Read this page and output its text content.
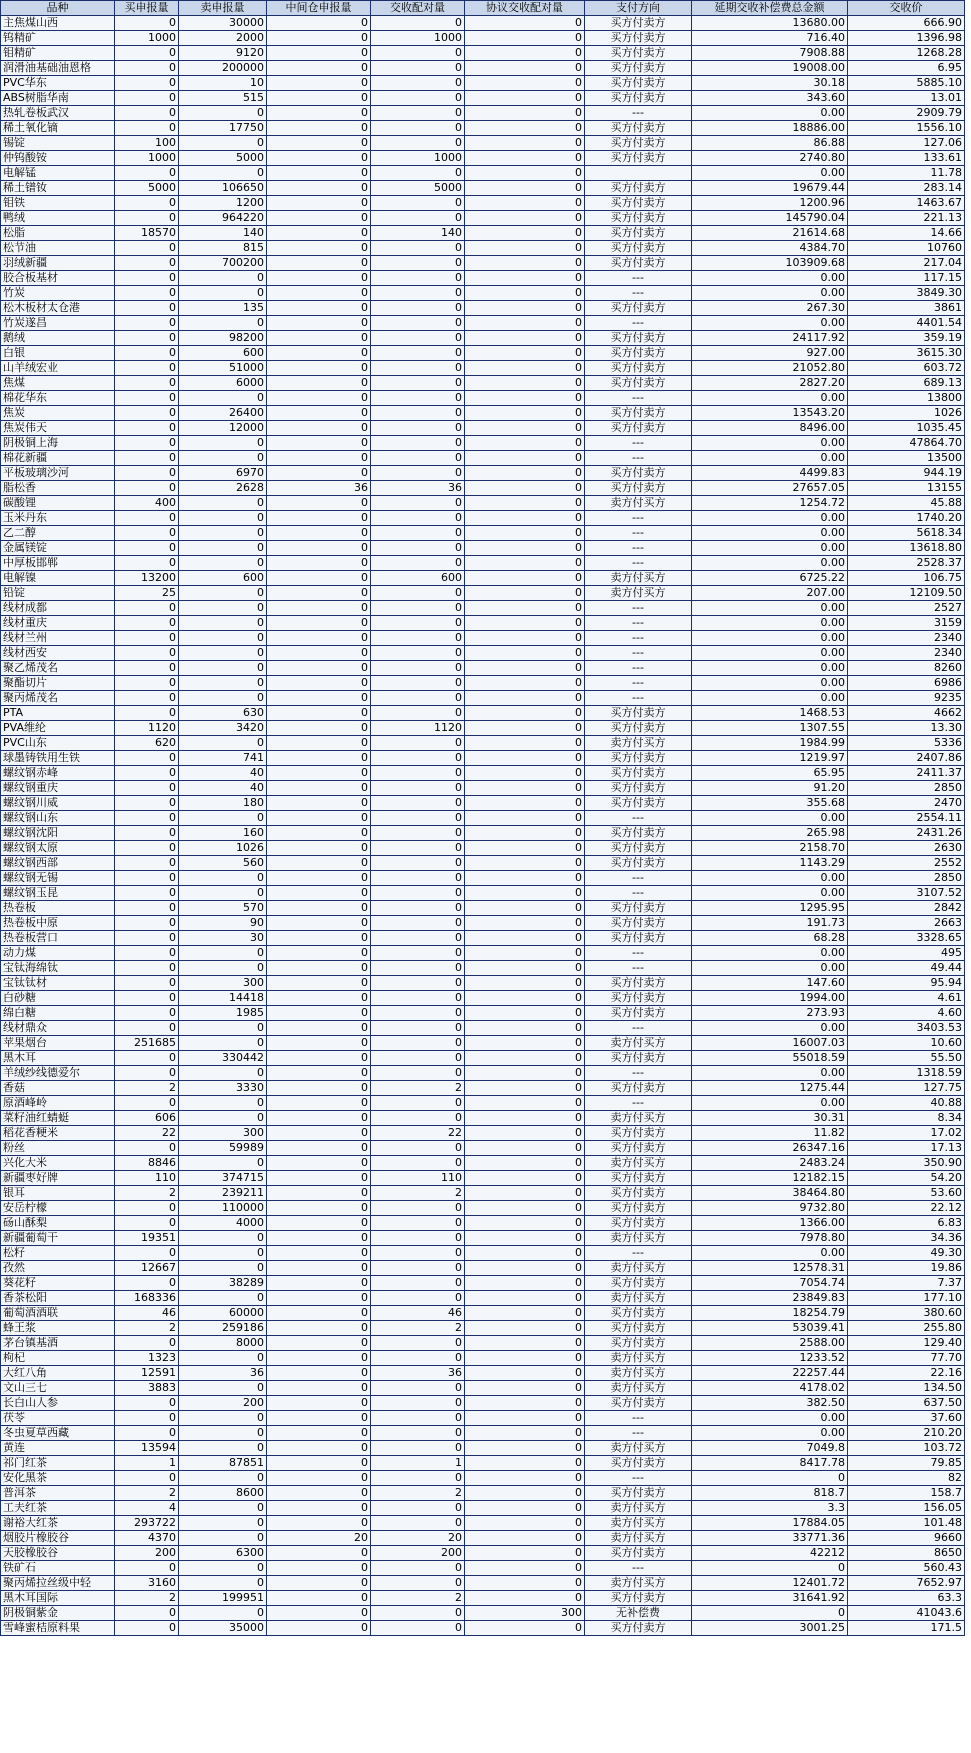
品种	买申报量	卖申报量	中间仓申报量	交收配对量	协议交收配对量	支付方向	延期交收补偿费总金额	交收价
主焦煤山西	0	30000	0	0	0	买方付卖方	13680.00	666.90
钨精矿	1000	2000	0	1000	0	买方付卖方	716.40	1396.98
钼精矿	0	9120	0	0	0	买方付卖方	7908.88	1268.28
润滑油基础油恩格	0	200000	0	0	0	买方付卖方	19008.00	6.95
PVC华东	0	10	0	0	0	买方付卖方	30.18	5885.10
ABS树脂华南	0	515	0	0	0	买方付卖方	343.60	13.01
热轧卷板武汉	0	0	0	0	0	---	0.00	2909.79
稀土氧化镝	0	17750	0	0	0	买方付卖方	18886.00	1556.10
锡锭	100	0	0	0	0	买方付卖方	86.88	127.06
仲钨酸铵	1000	5000	0	1000	0	买方付卖方	2740.80	133.61
电解锰	0	0	0	0	0		0.00	11.78
稀土镨钕	5000	106650	0	5000	0	买方付卖方	19679.44	283.14
钼铁	0	1200	0	0	0	买方付卖方	1200.96	1463.67
鸭绒	0	964220	0	0	0	买方付卖方	145790.04	221.13
松脂	18570	140	0	140	0	买方付卖方	21614.68	14.66
松节油	0	815	0	0	0	买方付卖方	4384.70	10760
羽绒新疆	0	700200	0	0	0	买方付卖方	103909.68	217.04
胶合板基材	0	0	0	0	0	---	0.00	117.15
竹炭	0	0	0	0	0	---	0.00	3849.30
松木板材太仓港	0	135	0	0	0	买方付卖方	267.30	3861
竹炭遂昌	0	0	0	0	0	---	0.00	4401.54
鹅绒	0	98200	0	0	0	买方付卖方	24117.92	359.19
白银	0	600	0	0	0	买方付卖方	927.00	3615.30
山羊绒宏业	0	51000	0	0	0	买方付卖方	21052.80	603.72
焦煤	0	6000	0	0	0	买方付卖方	2827.20	689.13
棉花华东	0	0	0	0	0	---	0.00	13800
焦炭	0	26400	0	0	0	买方付卖方	13543.20	1026
焦炭伟天	0	12000	0	0	0	买方付卖方	8496.00	1035.45
阴极铜上海	0	0	0	0	0	---	0.00	47864.70
棉花新疆	0	0	0	0	0	---	0.00	13500
平板玻璃沙河	0	6970	0	0	0	买方付卖方	4499.83	944.19
脂松香	0	2628	36	36	0	买方付卖方	27657.05	13155
碳酸锂	400	0	0	0	0	卖方付买方	1254.72	45.88
玉米丹东	0	0	0	0	0	---	0.00	1740.20
乙二醇	0	0	0	0	0	---	0.00	5618.34
金属镁锭	0	0	0	0	0	---	0.00	13618.80
中厚板邯郸	0	0	0	0	0	---	0.00	2528.37
电解镍	13200	600	0	600	0	卖方付买方	6725.22	106.75
铅锭	25	0	0	0	0	卖方付买方	207.00	12109.50
线材成都	0	0	0	0	0	---	0.00	2527
线材重庆	0	0	0	0	0	---	0.00	3159
线材兰州	0	0	0	0	0	---	0.00	2340
线材西安	0	0	0	0	0	---	0.00	2340
聚乙烯茂名	0	0	0	0	0	---	0.00	8260
聚酯切片	0	0	0	0	0	---	0.00	6986
聚丙烯茂名	0	0	0	0	0	---	0.00	9235
PTA	0	630	0	0	0	买方付卖方	1468.53	4662
PVA维纶	1120	3420	0	1120	0	买方付卖方	1307.55	13.30
PVC山东	620	0	0	0	0	卖方付买方	1984.99	5336
球墨铸铁用生铁	0	741	0	0	0	买方付卖方	1219.97	2407.86
螺纹钢赤峰	0	40	0	0	0	买方付卖方	65.95	2411.37
螺纹钢重庆	0	40	0	0	0	买方付卖方	91.20	2850
螺纹钢川威	0	180	0	0	0	买方付卖方	355.68	2470
螺纹钢山东	0	0	0	0	0	---	0.00	2554.11
螺纹钢沈阳	0	160	0	0	0	买方付卖方	265.98	2431.26
螺纹钢太原	0	1026	0	0	0	买方付卖方	2158.70	2630
螺纹钢西部	0	560	0	0	0	买方付卖方	1143.29	2552
螺纹钢无锡	0	0	0	0	0	---	0.00	2850
螺纹钢玉昆	0	0	0	0	0	---	0.00	3107.52
热卷板	0	570	0	0	0	买方付卖方	1295.95	2842
热卷板中原	0	90	0	0	0	买方付卖方	191.73	2663
热卷板营口	0	30	0	0	0	买方付卖方	68.28	3328.65
动力煤	0	0	0	0	0	---	0.00	495
宝钛海绵钛	0	0	0	0	0	---	0.00	49.44
宝钛钛材	0	300	0	0	0	买方付卖方	147.60	95.94
白砂糖	0	14418	0	0	0	买方付卖方	1994.00	4.61
绵白糖	0	1985	0	0	0	买方付卖方	273.93	4.60
线材鼎众	0	0	0	0	0	---	0.00	3403.53
苹果烟台	251685	0	0	0	0	卖方付买方	16007.03	10.60
黑木耳	0	330442	0	0	0	买方付卖方	55018.59	55.50
羊绒纱线德爱尔	0	0	0	0	0	---	0.00	1318.59
香菇	2	3330	0	2	0	买方付卖方	1275.44	127.75
原酒峰岭	0	0	0	0	0	---	0.00	40.88
菜籽油红蜻蜓	606	0	0	0	0	卖方付买方	30.31	8.34
稻花香粳米	22	300	0	22	0	买方付卖方	11.82	17.02
粉丝	0	59989	0	0	0	买方付卖方	26347.16	17.13
兴化大米	8846	0	0	0	0	卖方付买方	2483.24	350.90
新疆枣好牌	110	374715	0	110	0	买方付卖方	12182.15	54.20
银耳	2	239211	0	2	0	买方付卖方	38464.80	53.60
安岳柠檬	0	110000	0	0	0	买方付卖方	9732.80	22.12
砀山酥梨	0	4000	0	0	0	买方付卖方	1366.00	6.83
新疆葡萄干	19351	0	0	0	0	卖方付买方	7978.80	34.36
松籽	0	0	0	0	0	---	0.00	49.30
孜然	12667	0	0	0	0	卖方付买方	12578.31	19.86
葵花籽	0	38289	0	0	0	买方付卖方	7054.74	7.37
香茶松阳	168336	0	0	0	0	卖方付买方	23849.83	177.10
葡萄酒酒联	46	60000	0	46	0	买方付卖方	18254.79	380.60
蜂王浆	2	259186	0	2	0	买方付卖方	53039.41	255.80
茅台镇基酒	0	8000	0	0	0	买方付卖方	2588.00	129.40
枸杞	1323	0	0	0	0	卖方付买方	1233.52	77.70
大红八角	12591	36	0	36	0	卖方付买方	22257.44	22.16
文山三七	3883	0	0	0	0	卖方付买方	4178.02	134.50
长白山人参	0	200	0	0	0	买方付卖方	382.50	637.50
茯苓	0	0	0	0	0	---	0.00	37.60
冬虫夏草西藏	0	0	0	0	0	---	0.00	210.20
黄连	13594	0	0	0	0	卖方付买方	7049.8	103.72
祁门红茶	1	87851	0	1	0	买方付卖方	8417.78	79.85
安化黑茶	0	0	0	0	0	---	0	82
普洱茶	2	8600	0	2	0	买方付卖方	818.7	158.7
工夫红茶	4	0	0	0	0	卖方付买方	3.3	156.05
谢裕大红茶	293722	0	0	0	0	卖方付买方	17884.05	101.48
烟胶片橡胶谷	4370	0	20	20	0	卖方付买方	33771.36	9660
天胶橡胶谷	200	6300	0	200	0	买方付卖方	42212	8650
铁矿石	0	0	0	0	0	---	0	560.43
聚丙烯拉丝级中轻	3160	0	0	0	0	卖方付买方	12401.72	7652.97
黑木耳国际	2	199951	0	2	0	买方付卖方	31641.92	63.3
阴极铜紫金	0	0	0	0	300	无补偿费	0	41043.6
雪峰蜜桔原料果	0	35000	0	0	0	买方付卖方	3001.25	171.5
